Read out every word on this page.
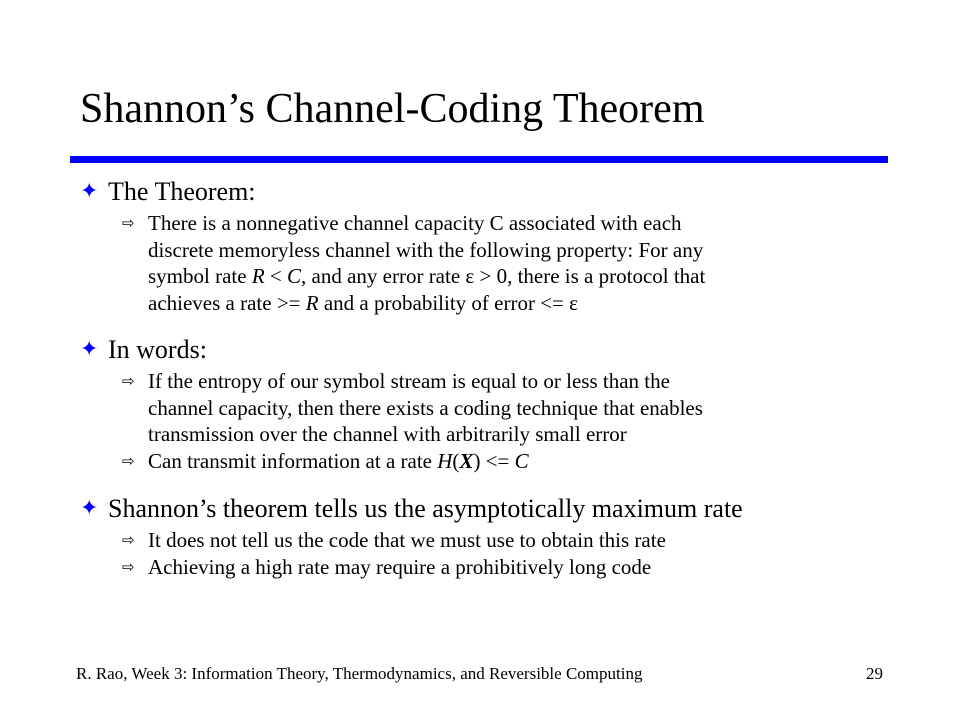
Shannon’s Channel-Coding Theorem
✦ The Theorem:
⇨ There is a nonnegative channel capacity C associated with each
discrete memoryless channel with the following property: For any
symbol rate R < C, and any error rate ε > 0, there is a protocol that
achieves a rate >= R and a probability of error <= ε
✦ In words:
⇨ If the entropy of our symbol stream is equal to or less than the
channel capacity, then there exists a coding technique that enables
transmission over the channel with arbitrarily small error
⇨ Can transmit information at a rate H(X) <= C
✦ Shannon’s theorem tells us the asymptotically maximum rate
⇨ It does not tell us the code that we must use to obtain this rate
⇨ Achieving a high rate may require a prohibitively long code
R. Rao, Week 3: Information Theory, Thermodynamics, and Reversible Computing	29
